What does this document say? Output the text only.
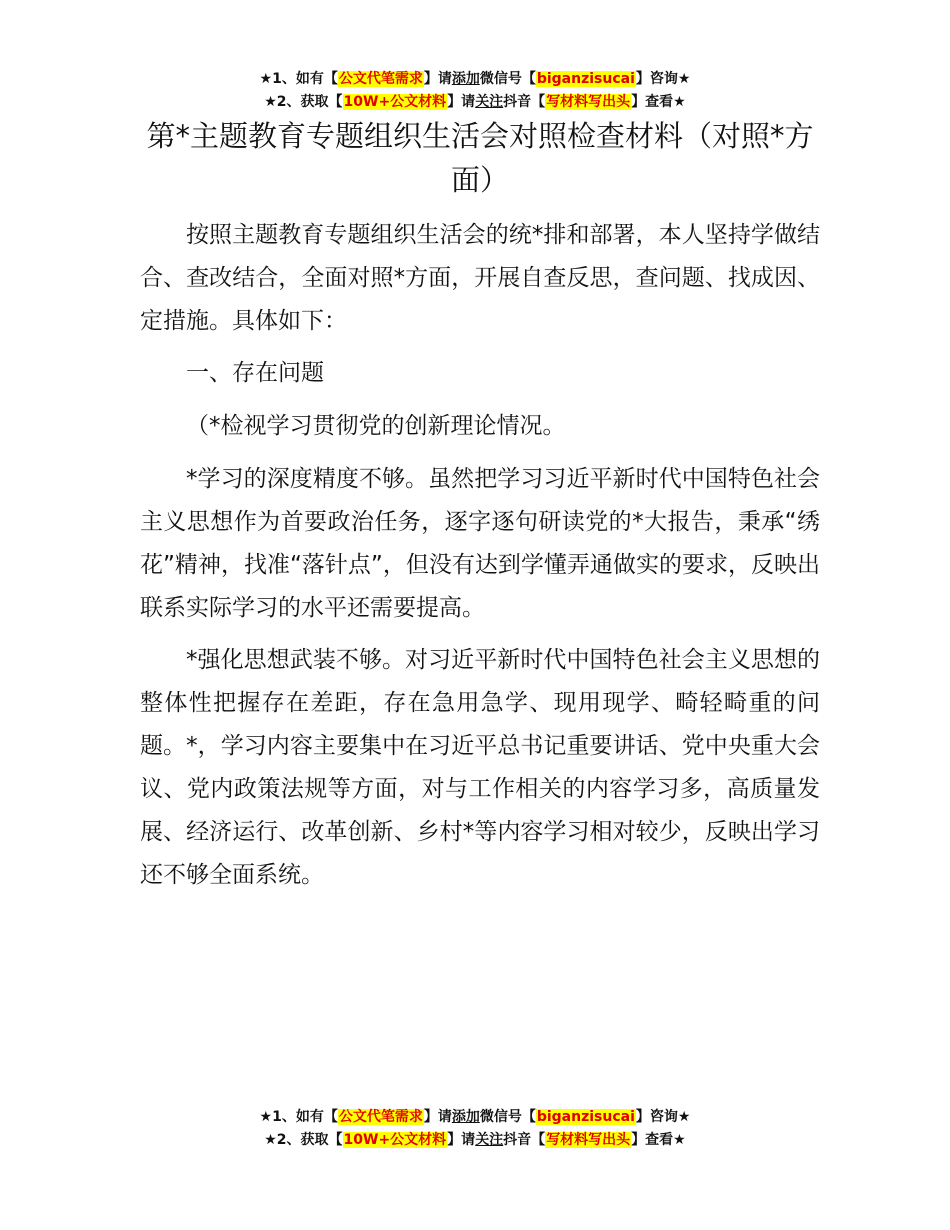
★1、如有【公文代笔需求】请添加微信号【biganzisucai】咨询★
★2、获取【10W+公文材料】请关注抖音【写材料写出头】查看★
第*主题教育专题组织生活会对照检查材料（对照*方面）

按照主题教育专题组织生活会的统*排和部署，本人坚持学做结合、查改结合，全面对照*方面，开展自查反思，查问题、找成因、定措施。具体如下：

一、存在问题

（*检视学习贯彻党的创新理论情况。

*学习的深度精度不够。虽然把学习习近平新时代中国特色社会主义思想作为首要政治任务，逐字逐句研读党的*大报告，秉承“绣花”精神，找准“落针点”，但没有达到学懂弄通做实的要求，反映出联系实际学习的水平还需要提高。

*强化思想武装不够。对习近平新时代中国特色社会主义思想的整体性把握存在差距，存在急用急学、现用现学、畸轻畸重的问题。*，学习内容主要集中在习近平总书记重要讲话、党中央重大会议、党内政策法规等方面，对与工作相关的内容学习多，高质量发展、经济运行、改革创新、乡村*等内容学习相对较少，反映出学习还不够全面系统。

★1、如有【公文代笔需求】请添加微信号【biganzisucai】咨询★
★2、获取【10W+公文材料】请关注抖音【写材料写出头】查看★
